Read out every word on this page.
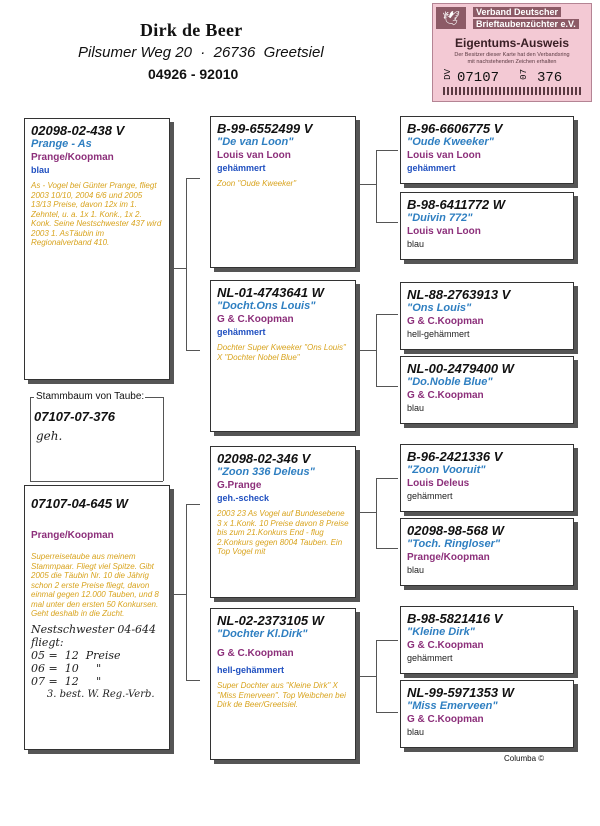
Dirk de Beer
Pilsumer Weg 20  ·  26736  Greetsiel
04926 - 92010
🕊	Verband Deutscher
Brieftaubenzüchter e.V.
Eigentums-Ausweis
Der Besitzer dieser Karte hat den Verbandsring
mit nachstehenden Zeichen erhalten
DV 07107 07 376
Stammbaum von Taube:
07107-07-376
geh.
02098-02-438 V
Prange - As
Prange/Koopman
blau
As - Vogel bei Günter Prange, fliegt 2003 10/10, 2004 6/6 und 2005 13/13 Preise, davon 12x im 1. Zehntel, u. a. 1x 1. Konk., 1x 2. Konk. Seine Nestschwester 437 wird 2003 1. AsTäubin im Regionalverband 410.
07107-04-645 W
Prange/Koopman
Superreisetaube aus meinem Stammpaar. Fliegt viel Spitze. Gibt 2005 die Täubin Nr. 10 die Jährig schon 2 erste Preise fliegt, davon einmal gegen 12.000 Tauben, und 8 mal unter den ersten 50 Konkursen. Geht deshalb in die Zucht.
Nestschwester 04-644
fliegt:
05 =  12  Preise
06 =  10     "
07 =  12     "
3. best. W. Reg.-Verb.
B-99-6552499 V
"De van Loon"
Louis van Loon
gehämmert
Zoon "Oude Kweeker"
NL-01-4743641 W
"Docht.Ons Louis"
G & C.Koopman
gehämmert
Dochter Super Kweeker "Ons Louis" X "Dochter Nobel Blue"
02098-02-346 V
"Zoon 336 Deleus"
G.Prange
geh.-scheck
2003 23 As Vogel auf Bundesebene 3 x 1.Konk. 10 Preise davon 8 Preise bis zum 21.Konkurs End - flug 2.Konkurs gegen 8004 Tauben. Ein Top Vogel mit
NL-02-2373105 W
"Dochter Kl.Dirk"
G & C.Koopman
hell-gehämmert
Super Dochter aus "Kleine Dirk" X "Miss Emerveen". Top Weibchen bei Dirk de Beer/Greetsiel.
B-96-6606775 V
"Oude Kweeker"
Louis van Loon
gehämmert
B-98-6411772 W
"Duivin 772"
Louis van Loon
blau
NL-88-2763913 V
"Ons Louis"
G & C.Koopman
hell-gehämmert
NL-00-2479400 W
"Do.Noble Blue"
G & C.Koopman
blau
B-96-2421336 V
"Zoon Vooruit"
Louis Deleus
gehämmert
02098-98-568 W
"Toch. Ringloser"
Prange/Koopman
blau
B-98-5821416 V
"Kleine Dirk"
G & C.Koopman
gehämmert
NL-99-5971353 W
"Miss Emerveen"
G & C.Koopman
blau
Columba ©
